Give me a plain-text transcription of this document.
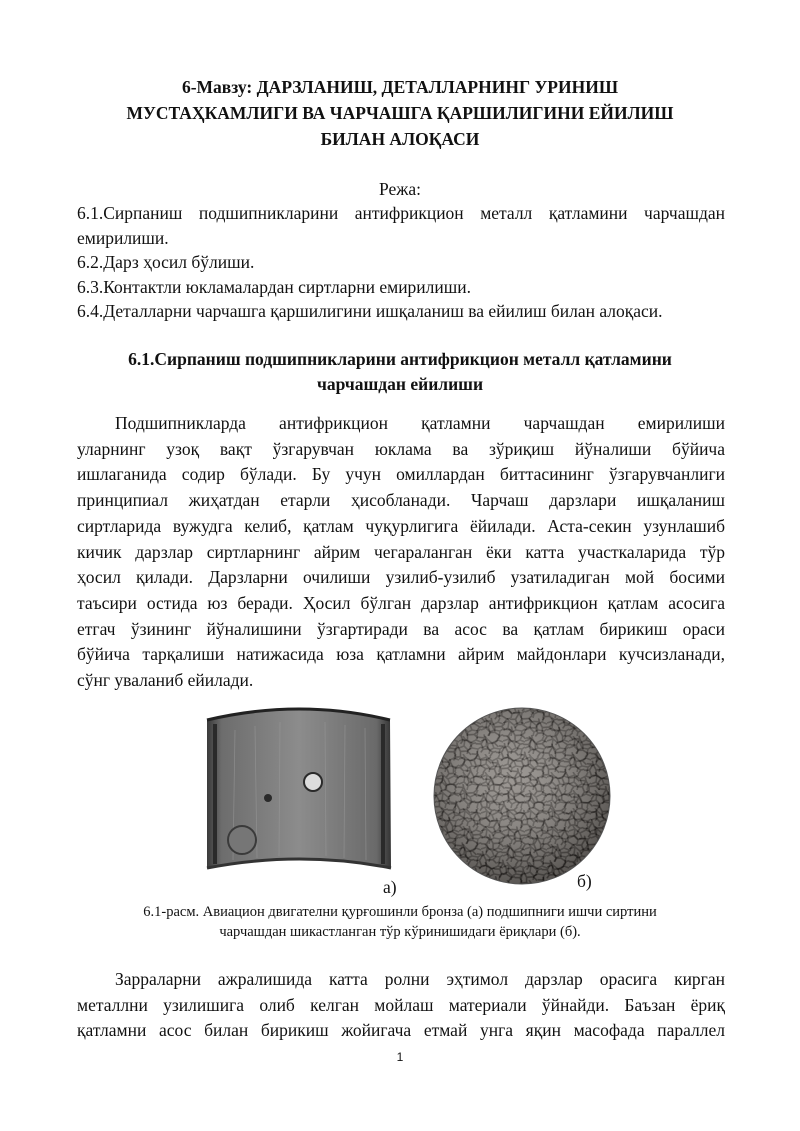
6-Мавзу: ДАРЗЛАНИШ, ДЕТАЛЛАРНИНГ УРИНИШ
МУСТАҲКАМЛИГИ ВА ЧАРЧАШГА ҚАРШИЛИГИНИ ЕЙИЛИШ
БИЛАН АЛОҚАСИ
Режа:
6.1.Сирпаниш подшипникларини антифрикцион металл қатламини чарчашдан емирилиши.
6.2.Дарз ҳосил бўлиши.
6.3.Контактли юкламалардан сиртларни емирилиши.
6.4.Деталларни чарчашга қаршилигини ишқаланиш ва ейилиш билан алоқаси.
6.1.Сирпаниш подшипникларини антифрикцион металл қатламини
чарчашдан ейилиши
Подшипникларда антифрикцион қатламни чарчашдан емирилиши
уларнинг узоқ вақт ўзгарувчан юклама ва зўриқиш йўналиши бўйича
ишлаганида содир бўлади. Бу учун омиллардан биттасининг ўзгарувчанлиги
принципиал жиҳатдан етарли ҳисобланади. Чарчаш дарзлари ишқаланиш
сиртларида вужудга келиб, қатлам чуқурлигига ёйилади. Аста-секин узунлашиб
кичик дарзлар сиртларнинг айрим чегараланган ёки катта участкаларида тўр
ҳосил қилади. Дарзларни очилиши узилиб-узилиб узатиладиган мой босими
таъсири остида юз беради. Ҳосил бўлган дарзлар антифрикцион қатлам асосига
етгач ўзининг йўналишини ўзгартиради ва асос ва қатлам бирикиш ораси
бўйича тарқалиши натижасида юза қатламни айрим майдонлари кучсизланади,
сўнг уваланиб ейилади.
а)	б)
6.1-расм. Авиацион двигателни қурғошинли бронза (а) подшипниги ишчи сиртини
чарчашдан шикастланган тўр кўринишидаги ёриқлари (б).
Зарраларни ажралишида катта ролни эҳтимол дарзлар орасига кирган
металлни узилишига олиб келган мойлаш материали ўйнайди. Баъзан ёриқ
қатламни асос билан бирикиш жойигача етмай унга яқин масофада параллел
1
